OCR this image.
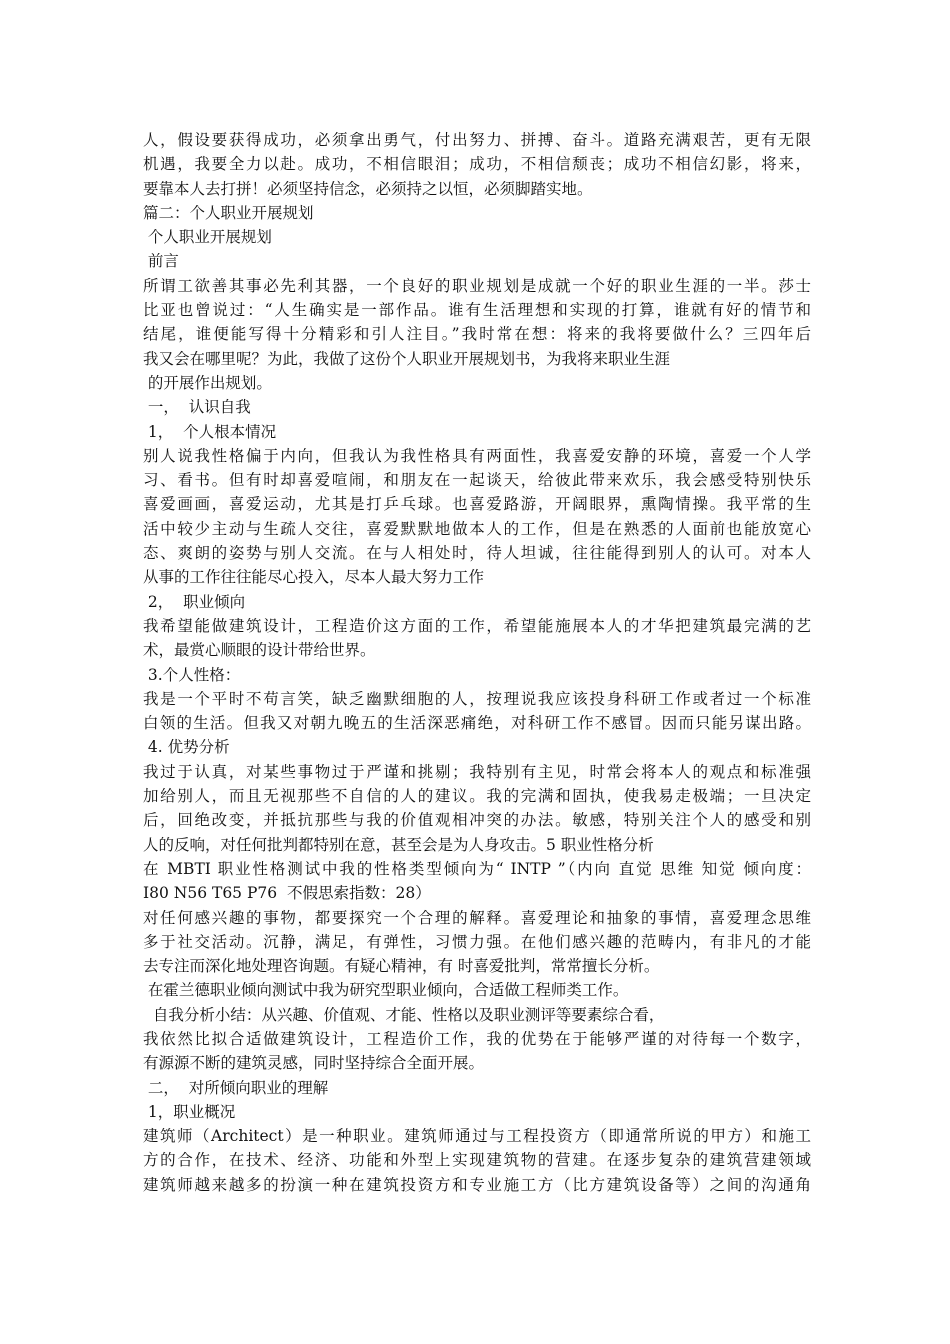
人，假设要获得成功，必须拿出勇气，付出努力、拼搏、奋斗。道路充满艰苦，更有无限
机遇，我要全力以赴。成功，不相信眼泪；成功，不相信颓丧；成功不相信幻影，将来，
要靠本人去打拼！必须坚持信念，必须持之以恒，必须脚踏实地。
篇二：个人职业开展规划
个人职业开展规划
前言
所谓工欲善其事必先利其器，一个良好的职业规划是成就一个好的职业生涯的一半。莎士
比亚也曾说过：“人生确实是一部作品。谁有生活理想和实现的打算，谁就有好的情节和
结尾，谁便能写得十分精彩和引人注目。”我时常在想：将来的我将要做什么？三四年后
我又会在哪里呢？为此，我做了这份个人职业开展规划书，为我将来职业生涯
的开展作出规划。
一，  认识自我
1，  个人根本情况
别人说我性格偏于内向，但我认为我性格具有两面性，我喜爱安静的环境，喜爱一个人学
习、看书。但有时却喜爱喧闹，和朋友在一起谈天，给彼此带来欢乐，我会感受特别快乐
喜爱画画，喜爱运动，尤其是打乒乓球。也喜爱路游，开阔眼界，熏陶情操。我平常的生
活中较少主动与生疏人交往，喜爱默默地做本人的工作，但是在熟悉的人面前也能放宽心
态、爽朗的姿势与别人交流。在与人相处时，待人坦诚，往往能得到别人的认可。对本人
从事的工作往往能尽心投入，尽本人最大努力工作
2，  职业倾向
我希望能做建筑设计，工程造价这方面的工作，希望能施展本人的才华把建筑最完满的艺
术，最赏心顺眼的设计带给世界。
3.个人性格：
我是一个平时不苟言笑，缺乏幽默细胞的人，按理说我应该投身科研工作或者过一个标准
白领的生活。但我又对朝九晚五的生活深恶痛绝，对科研工作不感冒。因而只能另谋出路。
4. 优势分析
我过于认真，对某些事物过于严谨和挑剔；我特别有主见，时常会将本人的观点和标准强
加给别人，而且无视那些不自信的人的建议。我的完满和固执，使我易走极端；一旦决定
后，回绝改变，并抵抗那些与我的价值观相冲突的办法。敏感，特别关注个人的感受和别
人的反响，对任何批判都特别在意，甚至会是为人身攻击。5 职业性格分析
在 MBTI 职业性格测试中我的性格类型倾向为“ INTP ”（内向 直觉 思维 知觉 倾向度：
I80 N56 T65 P76  不假思索指数：28）
对任何感兴趣的事物，都要探究一个合理的解释。喜爱理论和抽象的事情，喜爱理念思维
多于社交活动。沉静，满足，有弹性，习惯力强。在他们感兴趣的范畴内，有非凡的才能
去专注而深化地处理咨询题。有疑心精神，有 时喜爱批判，常常擅长分析。
在霍兰德职业倾向测试中我为研究型职业倾向，合适做工程师类工作。
自我分析小结：从兴趣、价值观、才能、性格以及职业测评等要素综合看，
我依然比拟合适做建筑设计，工程造价工作，我的优势在于能够严谨的对待每一个数字，
有源源不断的建筑灵感，同时坚持综合全面开展。
二，  对所倾向职业的理解
1，职业概况
建筑师（Architect）是一种职业。建筑师通过与工程投资方（即通常所说的甲方）和施工
方的合作，在技术、经济、功能和外型上实现建筑物的营建。在逐步复杂的建筑营建领域
建筑师越来越多的扮演一种在建筑投资方和专业施工方（比方建筑设备等）之间的沟通角
